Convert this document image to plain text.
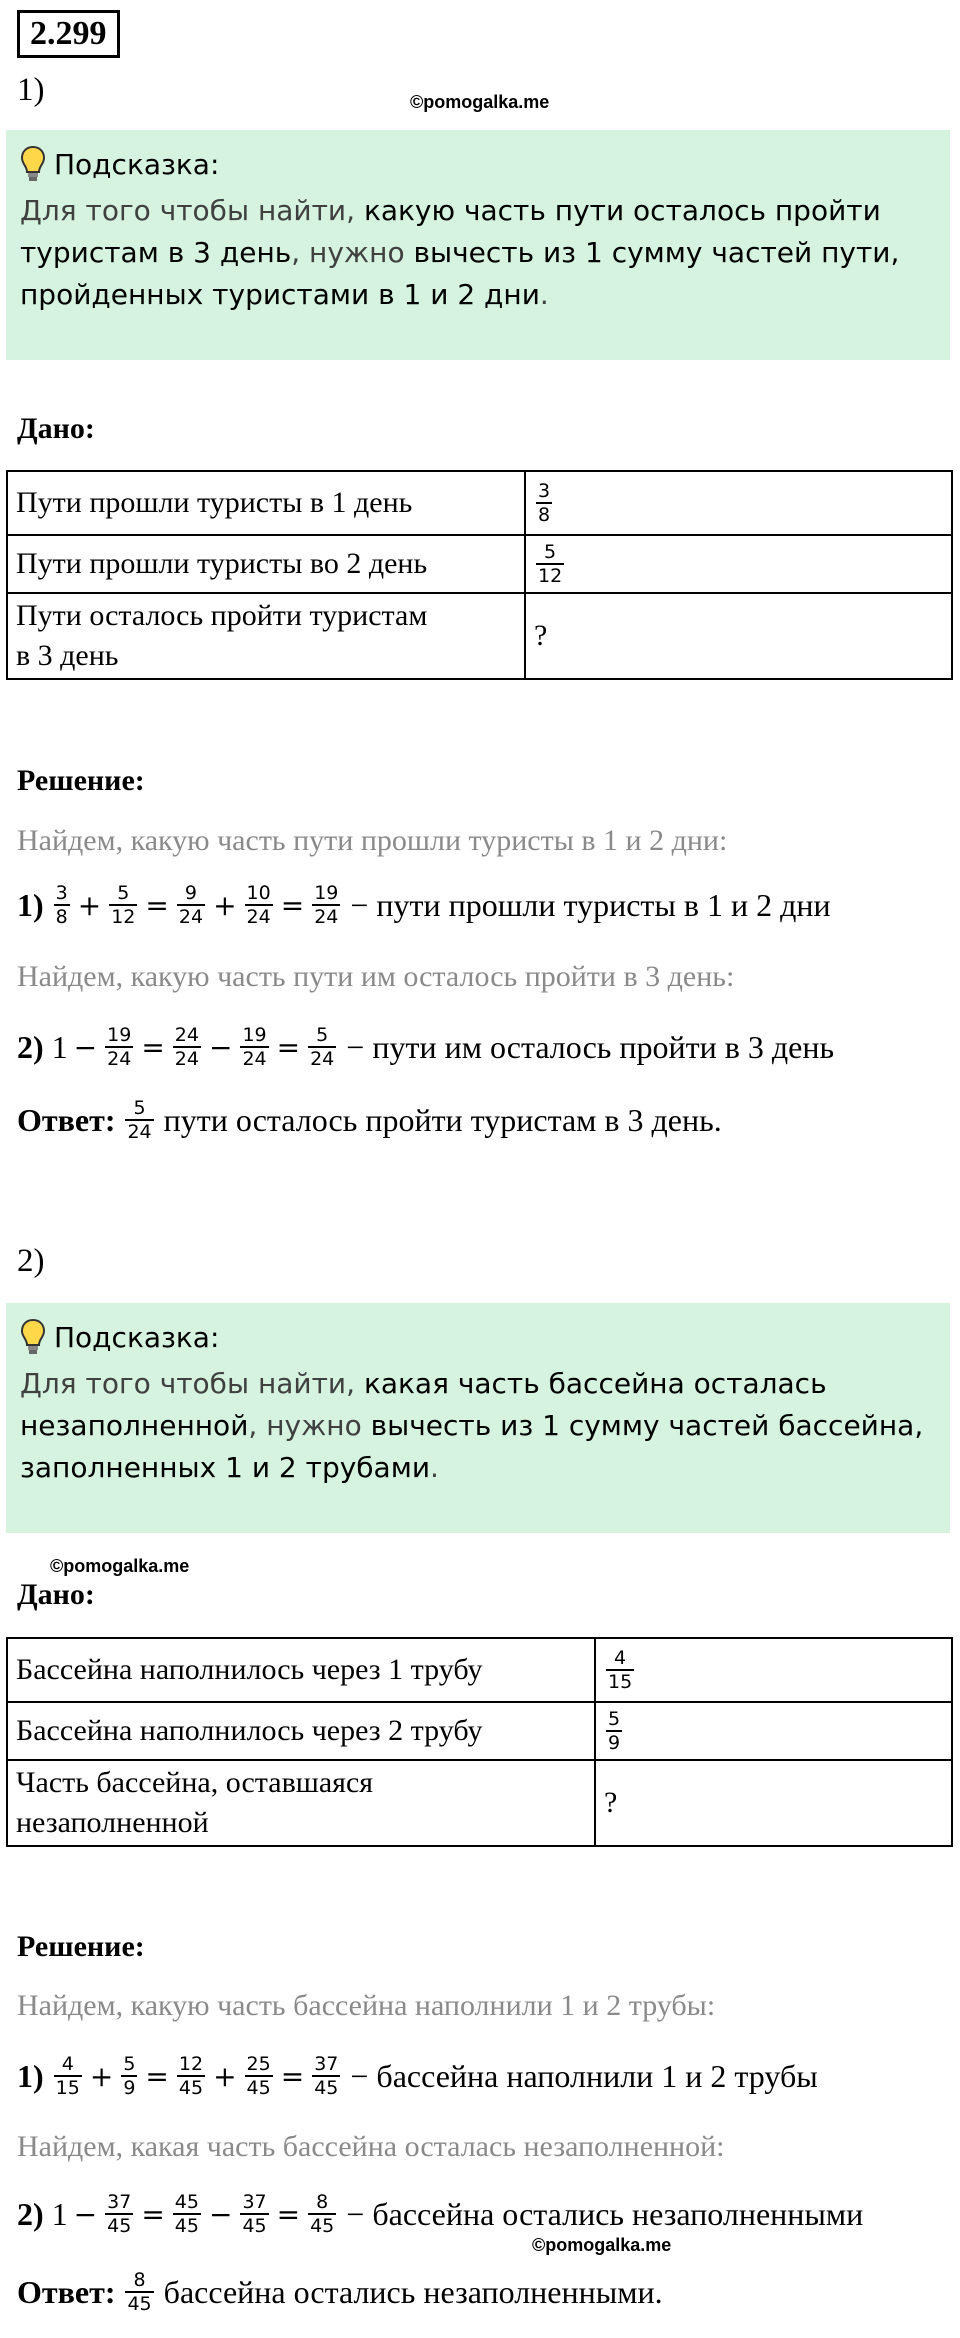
2.299
1)	©pomogalka.me
Подсказка:
Для того чтобы найти, какую часть пути осталось пройти туристам в 3 день, нужно вычесть из 1 сумму частей пути, пройденных туристами в 1 и 2 дни.
Дано:
Пути прошли туристы в 1 день	$\frac{3}{8}$

Пути прошли туристы во 2 день	$\frac{5}{12}$

Пути осталось пройти туристам
в 3 день	?
Решение:
Найдем, какую часть пути прошли туристы в 1 и 2 дни:
1)
$\frac{3}{8} + \frac{5}{12} = \frac{9}{24} + \frac{10}{24} = \frac{19}{24}$
− пути прошли туристы в 1 и 2 дни
Найдем, какую часть пути им осталось пройти в 3 день:
2)
$1 - \frac{19}{24} = \frac{24}{24} - \frac{19}{24} = \frac{5}{24}$
− пути им осталось пройти в 3 день
Ответ:
$\frac{5}{24}$
пути осталось пройти туристам в 3 день.
2)
Подсказка:
Для того чтобы найти, какая часть бассейна осталась незаполненной, нужно вычесть из 1 сумму частей бассейна, заполненных 1 и 2 трубами.
©pomogalka.me
Дано:
Бассейна наполнилось через 1 трубу	$\frac{4}{15}$

Бассейна наполнилось через 2 трубу	$\frac{5}{9}$

Часть бассейна, оставшаяся
незаполненной	?
Решение:
Найдем, какую часть бассейна наполнили 1 и 2 трубы:
1)
$\frac{4}{15} + \frac{5}{9} = \frac{12}{45} + \frac{25}{45} = \frac{37}{45}$
− бассейна наполнили 1 и 2 трубы
Найдем, какая часть бассейна осталась незаполненной:
2)
$1 - \frac{37}{45} = \frac{45}{45} - \frac{37}{45} = \frac{8}{45}$
− бассейна остались незаполненными
©pomogalka.me
Ответ:
$\frac{8}{45}$
бассейна остались незаполненными.
